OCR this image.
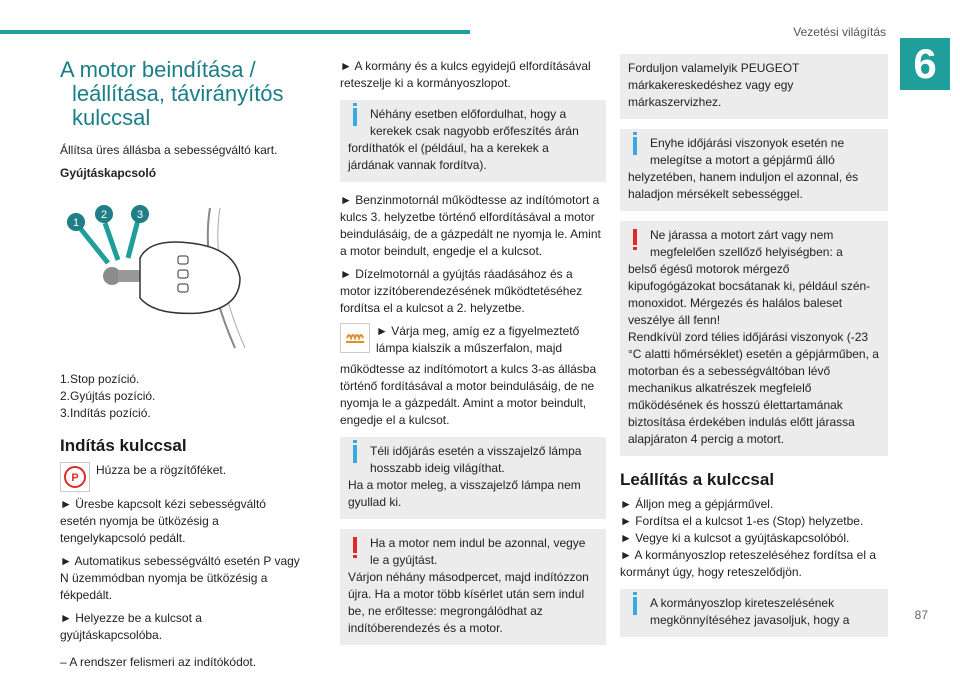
Vezetési világítás
6
87
A motor beindítása /
leállítása, távirányítós
kulccsal

Állítsa üres állásba a sebességváltó kart.

Gyújtáskapcsoló

1
2	3

1.Stop pozíció.

2.Gyújtás pozíció.

3.Indítás pozíció.

Indítás kulccsal
P

Húzza be a rögzítőféket.

► Üresbe kapcsolt kézi sebességváltó esetén nyomja be ütközésig a tengelykapcsoló pedált.

► Automatikus sebességváltó esetén P vagy N üzemmódban nyomja be ütközésig a fékpedált.

► Helyezze be a kulcsot a gyújtáskapcsolóba.

– A rendszer felismeri az indítókódot.

► A kormány és a kulcs egyidejű elfordításával reteszelje ki a kormányoszlopot.

Néhány esetben előfordulhat, hogy a kerekek csak nagyobb erőfeszítés árán
fordíthatók el (például, ha a kerekek a járdának vannak fordítva).

► Benzinmotornál működtesse az indítómotort a kulcs 3. helyzetbe történő elfordításával a motor beindulásáig, de a gázpedált ne nyomja le. Amint a motor beindult, engedje el a kulcsot.

► Dízelmotornál a gyújtás ráadásához és a motor izzítóberendezésének működtetéséhez fordítsa el a kulcsot a 2. helyzetbe.

► Várja meg, amíg ez a figyelmeztető lámpa kialszik a műszerfalon, majd

működtesse az indítómotort a kulcs 3-as állásba történő fordításával a motor beindulásáig, de ne nyomja le a gázpedált. Amint a motor beindult, engedje el a kulcsot.

Téli időjárás esetén a visszajelző lámpa hosszabb ideig világíthat.
Ha a motor meleg, a visszajelző lámpa nem gyullad ki.
Ha a motor nem indul be azonnal, vegye le a gyújtást.
Várjon néhány másodpercet, majd indítózzon újra. Ha a motor több kísérlet után sem indul be, ne erőltesse: megrongálódhat az indítóberendezés és a motor.
Forduljon valamelyik PEUGEOT márkakereskedéshez vagy egy márkaszervizhez.
Enyhe időjárási viszonyok esetén ne melegítse a motort a gépjármű álló
helyzetében, hanem induljon el azonnal, és haladjon mérsékelt sebességgel.
Ne járassa a motort zárt vagy nem megfelelően szellőző helyiségben: a
belső égésű motorok mérgező kipufogógázokat bocsátanak ki, például szén-monoxidot. Mérgezés és halálos baleset veszélye áll fenn!
Rendkívül zord télies időjárási viszonyok (-23 °C alatti hőmérséklet) esetén a gépjárműben, a motorban és a sebességváltóban lévő mechanikus alkatrészek megfelelő működésének és hosszú élettartamának biztosítása érdekében indulás előtt járassa alapjáraton 4 percig a motort.
Leállítás a kulccsal

► Álljon meg a gépjárművel.

► Fordítsa el a kulcsot 1-es (Stop) helyzetbe.

► Vegye ki a kulcsot a gyújtáskapcsolóból.

► A kormányoszlop reteszeléséhez fordítsa el a kormányt úgy, hogy reteszelődjön.

A kormányoszlop kireteszelésének megkönnyítéséhez javasoljuk, hogy a
